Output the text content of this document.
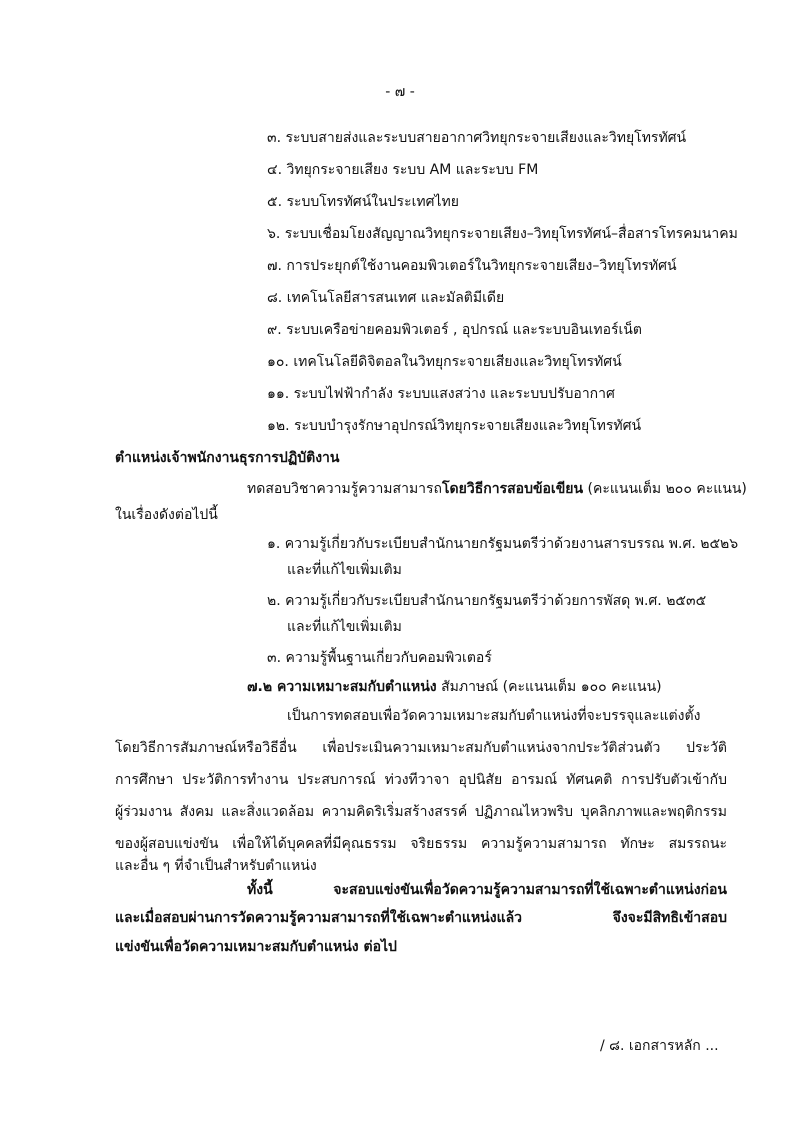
- ๗ -
๓. ระบบสายส่งและระบบสายอากาศวิทยุกระจายเสียงและวิทยุโทรทัศน์
๔. วิทยุกระจายเสียง ระบบ AM และระบบ FM
๕. ระบบโทรทัศน์ในประเทศไทย
๖. ระบบเชื่อมโยงสัญญาณวิทยุกระจายเสียง–วิทยุโทรทัศน์–สื่อสารโทรคมนาคม
๗. การประยุกต์ใช้งานคอมพิวเตอร์ในวิทยุกระจายเสียง–วิทยุโทรทัศน์
๘. เทคโนโลยีสารสนเทศ และมัลติมีเดีย
๙. ระบบเครือข่ายคอมพิวเตอร์ , อุปกรณ์ และระบบอินเทอร์เน็ต
๑๐. เทคโนโลยีดิจิตอลในวิทยุกระจายเสียงและวิทยุโทรทัศน์
๑๑. ระบบไฟฟ้ากำลัง ระบบแสงสว่าง และระบบปรับอากาศ
๑๒. ระบบบำรุงรักษาอุปกรณ์วิทยุกระจายเสียงและวิทยุโทรทัศน์
ตำแหน่งเจ้าพนักงานธุรการปฏิบัติงาน
ทดสอบวิชาความรู้ความสามารถโดยวิธีการสอบข้อเขียน (คะแนนเต็ม ๒๐๐ คะแนน)
ในเรื่องดังต่อไปนี้
๑. ความรู้เกี่ยวกับระเบียบสำนักนายกรัฐมนตรีว่าด้วยงานสารบรรณ พ.ศ. ๒๕๒๖
และที่แก้ไขเพิ่มเติม
๒. ความรู้เกี่ยวกับระเบียบสำนักนายกรัฐมนตรีว่าด้วยการพัสดุ พ.ศ. ๒๕๓๕
และที่แก้ไขเพิ่มเติม
๓. ความรู้พื้นฐานเกี่ยวกับคอมพิวเตอร์
๗.๒ ความเหมาะสมกับตำแหน่ง สัมภาษณ์ (คะแนนเต็ม ๑๐๐ คะแนน)
เป็นการทดสอบเพื่อวัดความเหมาะสมกับตำแหน่งที่จะบรรจุและแต่งตั้ง
โดยวิธีการสัมภาษณ์หรือวิธีอื่น เพื่อประเมินความเหมาะสมกับตำแหน่งจากประวัติส่วนตัว ประวัติ
การศึกษา ประวัติการทำงาน ประสบการณ์ ท่วงทีวาจา อุปนิสัย อารมณ์ ทัศนคติ การปรับตัวเข้ากับ
ผู้ร่วมงาน สังคม และสิ่งแวดล้อม ความคิดริเริ่มสร้างสรรค์ ปฏิภาณไหวพริบ บุคลิกภาพและพฤติกรรม
ของผู้สอบแข่งขัน เพื่อให้ได้บุคคลที่มีคุณธรรม จริยธรรม ความรู้ความสามารถ ทักษะ สมรรถนะ
และอื่น ๆ ที่จำเป็นสำหรับตำแหน่ง
ทั้งนี้ จะสอบแข่งขันเพื่อวัดความรู้ความสามารถที่ใช้เฉพาะตำแหน่งก่อน
และเมื่อสอบผ่านการวัดความรู้ความสามารถที่ใช้เฉพาะตำแหน่งแล้ว จึงจะมีสิทธิเข้าสอบ
แข่งขันเพื่อวัดความเหมาะสมกับตำแหน่ง ต่อไป
/ ๘. เอกสารหลัก ...
